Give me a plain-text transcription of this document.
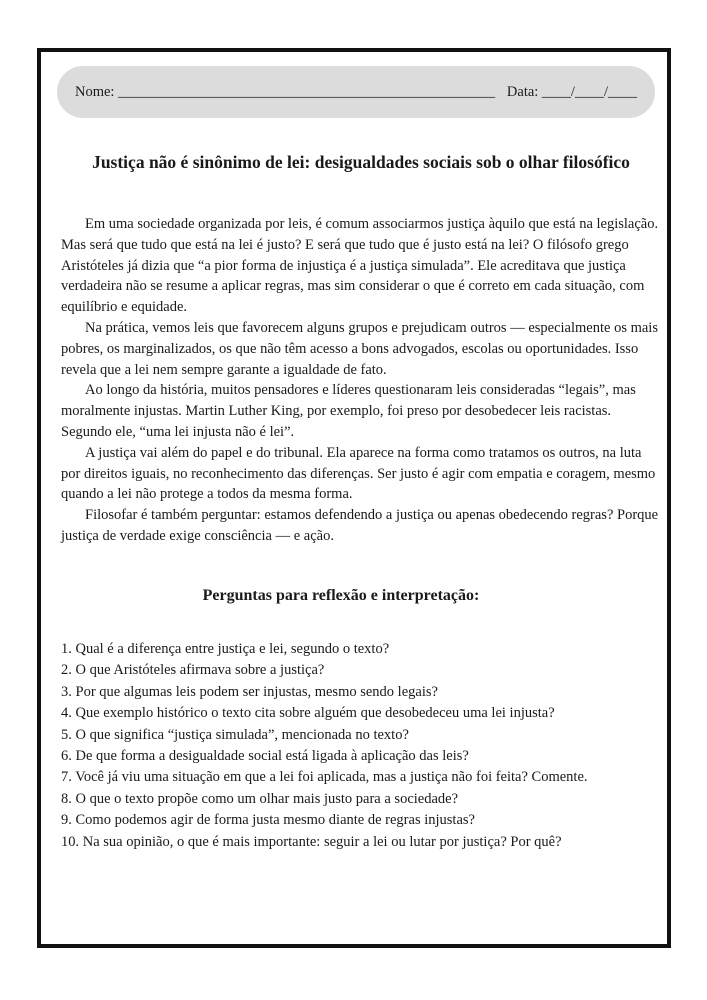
Nome: ____________________________________________________ Data: ____/____/____
Justiça não é sinônimo de lei: desigualdades sociais sob o olhar filosófico

Em uma sociedade organizada por leis, é comum associarmos justiça àquilo que está na legislação. Mas será que tudo que está na lei é justo? E será que tudo que é justo está na lei? O filósofo grego Aristóteles já dizia que “a pior forma de injustiça é a justiça simulada”. Ele acreditava que justiça verdadeira não se resume a aplicar regras, mas sim considerar o que é correto em cada situação, com equilíbrio e equidade.

Na prática, vemos leis que favorecem alguns grupos e prejudicam outros — especialmente os mais pobres, os marginalizados, os que não têm acesso a bons advogados, escolas ou oportunidades. Isso revela que a lei nem sempre garante a igualdade de fato.

Ao longo da história, muitos pensadores e líderes questionaram leis consideradas “legais”, mas moralmente injustas. Martin Luther King, por exemplo, foi preso por desobedecer leis racistas. Segundo ele, “uma lei injusta não é lei”.

A justiça vai além do papel e do tribunal. Ela aparece na forma como tratamos os outros, na luta por direitos iguais, no reconhecimento das diferenças. Ser justo é agir com empatia e coragem, mesmo quando a lei não protege a todos da mesma forma.

Filosofar é também perguntar: estamos defendendo a justiça ou apenas obedecendo regras? Porque justiça de verdade exige consciência — e ação.

Perguntas para reflexão e interpretação:
1. Qual é a diferença entre justiça e lei, segundo o texto?
2. O que Aristóteles afirmava sobre a justiça?
3. Por que algumas leis podem ser injustas, mesmo sendo legais?
4. Que exemplo histórico o texto cita sobre alguém que desobedeceu uma lei injusta?
5. O que significa “justiça simulada”, mencionada no texto?
6. De que forma a desigualdade social está ligada à aplicação das leis?
7. Você já viu uma situação em que a lei foi aplicada, mas a justiça não foi feita? Comente.
8. O que o texto propõe como um olhar mais justo para a sociedade?
9. Como podemos agir de forma justa mesmo diante de regras injustas?
10. Na sua opinião, o que é mais importante: seguir a lei ou lutar por justiça? Por quê?
